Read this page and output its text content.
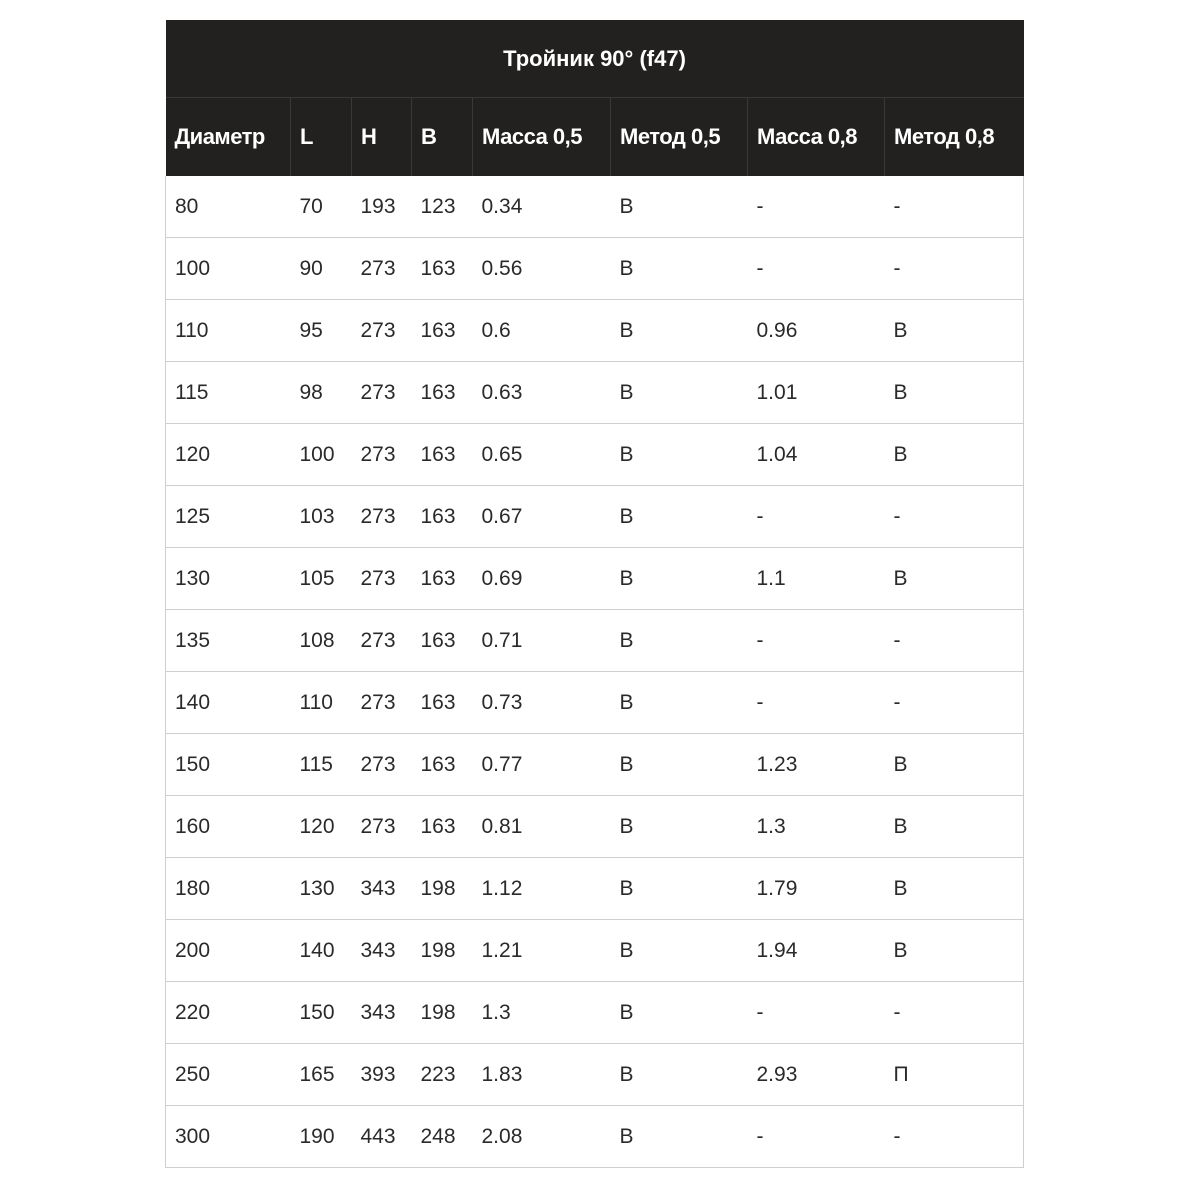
Тройник 90° (f47)							
Диаметр	L	H	B	Масса 0,5	Метод 0,5	Масса 0,8	Метод 0,8
80	70	193	123	0.34	В	-	-
100	90	273	163	0.56	В	-	-
110	95	273	163	0.6	В	0.96	В
115	98	273	163	0.63	В	1.01	В
120	100	273	163	0.65	В	1.04	В
125	103	273	163	0.67	В	-	-
130	105	273	163	0.69	В	1.1	В
135	108	273	163	0.71	В	-	-
140	110	273	163	0.73	В	-	-
150	115	273	163	0.77	В	1.23	В
160	120	273	163	0.81	В	1.3	В
180	130	343	198	1.12	В	1.79	В
200	140	343	198	1.21	В	1.94	В
220	150	343	198	1.3	В	-	-
250	165	393	223	1.83	В	2.93	П
300	190	443	248	2.08	В	-	-
